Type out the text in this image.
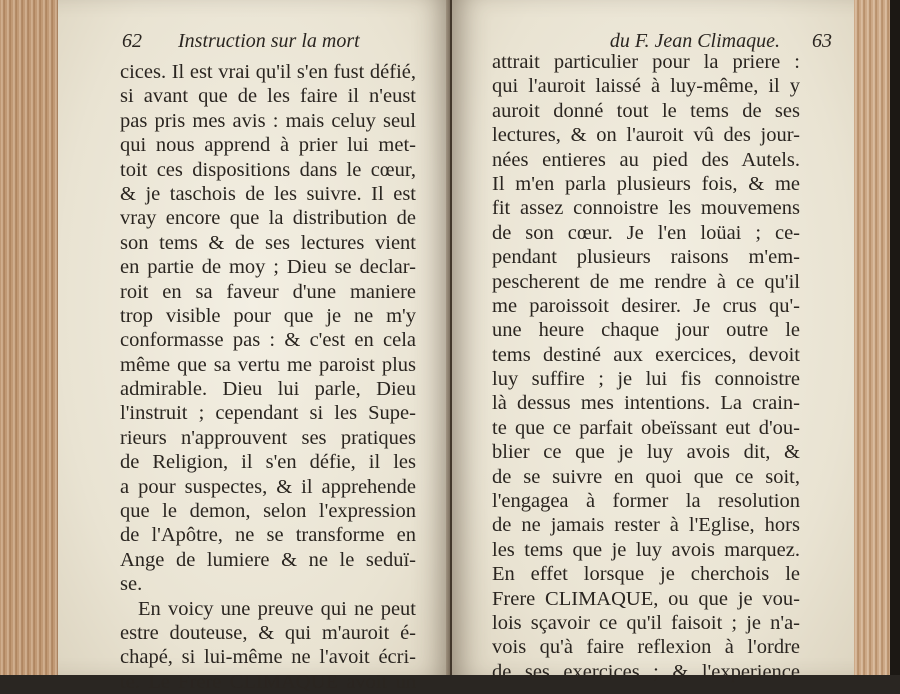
62 Instruction sur la mort
cices. Il est vrai qu'il s'en fust défié,
si avant que de les faire il n'eust
pas pris mes avis : mais celuy seul
qui nous apprend à prier lui met-
toit ces dispositions dans le cœur,
& je taschois de les suivre. Il est
vray encore que la distribution de
son tems & de ses lectures vient
en partie de moy ; Dieu se declar-
roit en sa faveur d'une maniere
trop visible pour que je ne m'y
conformasse pas : & c'est en cela
même que sa vertu me paroist plus
admirable. Dieu lui parle, Dieu
l'instruit ; cependant si les Supe-
rieurs n'approuvent ses pratiques
de Religion, il s'en défie, il les
a pour suspectes, & il apprehende
que le demon, selon l'expression
de l'Apôtre, ne se transforme en
Ange de lumiere & ne le seduï-
se.
En voicy une preuve qui ne peut
estre douteuse, & qui m'auroit é-
chapé, si lui-même ne l'avoit écri-
te. Le Frere CLIMAQUE avoit un
du F. Jean Climaque. 63
attrait particulier pour la priere :
qui l'auroit laissé à luy-même, il y
auroit donné tout le tems de ses
lectures, & on l'auroit vû des jour-
nées entieres au pied des Autels.
Il m'en parla plusieurs fois, & me
fit assez connoistre les mouvemens
de son cœur. Je l'en loüai ; ce-
pendant plusieurs raisons m'em-
pescherent de me rendre à ce qu'il
me paroissoit desirer. Je crus qu'-
une heure chaque jour outre le
tems destiné aux exercices, devoit
luy suffire ; je lui fis connoistre
là dessus mes intentions. La crain-
te que ce parfait obeïssant eut d'ou-
blier ce que je luy avois dit, &
de se suivre en quoi que ce soit,
l'engagea à former la resolution
de ne jamais rester à l'Eglise, hors
les tems que je luy avois marquez.
En effet lorsque je cherchois le
Frere CLIMAQUE, ou que je vou-
lois sçavoir ce qu'il faisoit ; je n'a-
vois qu'à faire reflexion à l'ordre
de ses exercices ; & l'experience
